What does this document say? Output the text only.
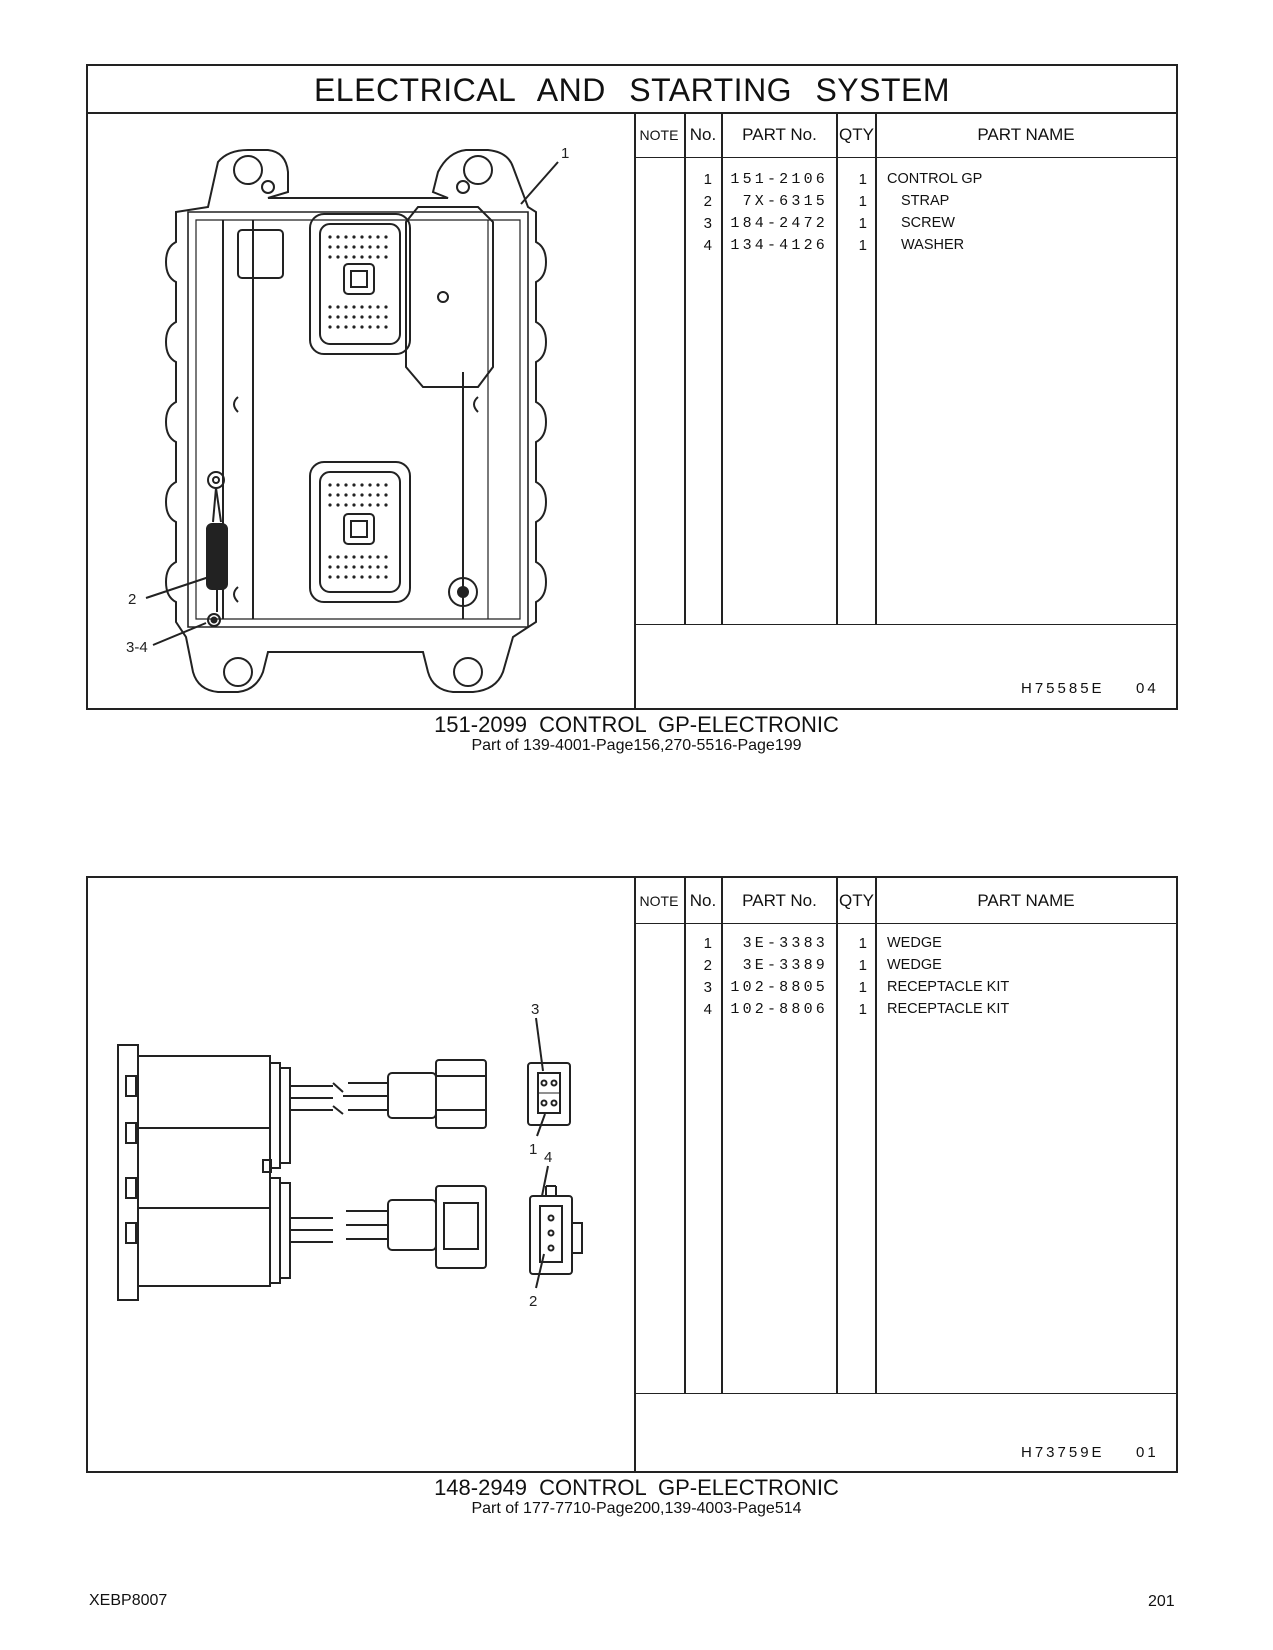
ELECTRICAL AND STARTING SYSTEM
1
2
3-4
NOTE No.	PART No.	QTY	PART NAME
1	151-2106	1 CONTROL GP
2	7X-6315	1 STRAP
3	184-2472	1 SCREW
4	134-4126	1 WASHER
H75585E 04
151-2099 CONTROL GP-ELECTRONIC
Part of 139-4001-Page156,270-5516-Page199
3
1 4
2
NOTE No.	PART No.	QTY	PART NAME
1	3E-3383	1 WEDGE
2	3E-3389	1 WEDGE
3	102-8805	1 RECEPTACLE KIT
4	102-8806	1 RECEPTACLE KIT
H73759E 01
148-2949 CONTROL GP-ELECTRONIC
Part of 177-7710-Page200,139-4003-Page514
XEBP8007	201
